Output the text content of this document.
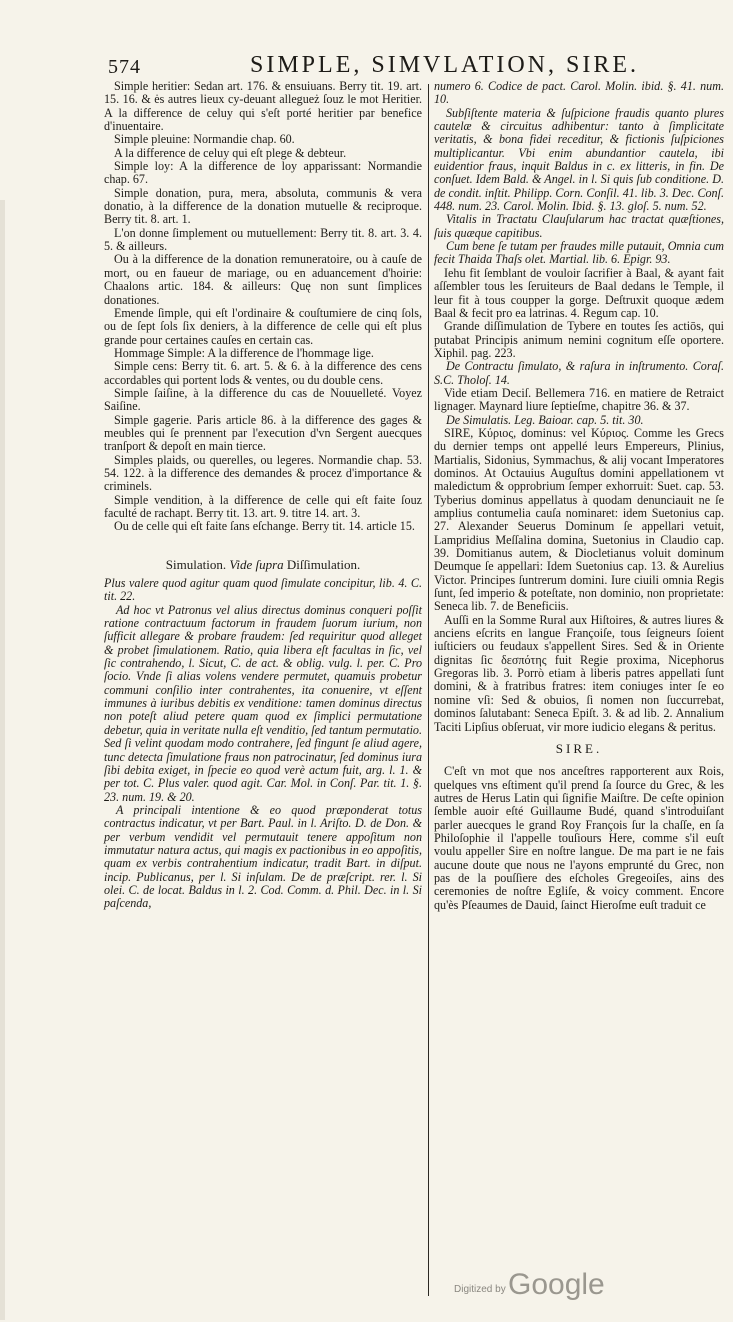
574	SIMPLE, SIMVLATION, SIRE.

Simple heritier: Sedan art. 176. & ensuiuans. Berry tit. 19. art. 15. 16. & ės autres lieux cy-deuant allegueż ſouz le mot Heritier. A la difference de celuy qui s'eſt porté heritier par benefice d'inuentaire.

Simple pleuine: Normandie chap. 60.

A la difference de celuy qui eſt plege & debteur.

Simple loy: A la difference de loy apparissant: Normandie chap. 67.

Simple donation, pura, mera, absoluta, communis & vera donatio, à la difference de la donation mutuelle & reciproque. Berry tit. 8. art. 1.

L'on donne ſimplement ou mutuellement: Berry tit. 8. art. 3. 4. 5. & ailleurs.

Ou à la difference de la donation remuneratoire, ou à cauſe de mort, ou en faueur de mariage, ou en aduancement d'hoirie: Chaalons artic. 184. & ailleurs: Quę non sunt ſimplices donationes.

Emende ſimple, qui eſt l'ordinaire & couſtumiere de cinq ſols, ou de ſept ſols ſix deniers, à la difference de celle qui eſt plus grande pour certaines cauſes en certain cas.

Hommage Simple: A la difference de l'hommage lige.

Simple cens: Berry tit. 6. art. 5. & 6. à la difference des cens accordables qui portent lods & ventes, ou du double cens.

Simple ſaiſine, à la difference du cas de Nouuelleté. Voyez Saiſine.

Simple gagerie. Paris article 86. à la difference des gages & meubles qui ſe prennent par l'execution d'vn Sergent auecques tranſport & depoſt en main tierce.

Simples plaids, ou querelles, ou legeres. Normandie chap. 53. 54. 122. à la difference des demandes & procez d'importance & criminels.

Simple vendition, à la difference de celle qui eſt faite ſouz faculté de rachapt. Berry tit. 13. art. 9. titre 14. art. 3.

Ou de celle qui eſt faite ſans eſchange. Berry tit. 14. article 15.

Simulation. Vide ſupra Diſſimulation.

Plus valere quod agitur quam quod ſimulate concipitur, lib. 4. C. tit. 22.

Ad hoc vt Patronus vel alius directus dominus conqueri poſſit ratione contractuum factorum in fraudem ſuorum iurium, non ſufficit allegare & probare fraudem: ſed requiritur quod alleget & probet ſimulationem. Ratio, quia libera eſt facultas in ſic, vel ſic contrahendo, l. Sicut, C. de act. & oblig. vulg. l. per. C. Pro ſocio. Vnde ſi alias volens vendere permutet, quamuis probetur communi conſilio inter contrahentes, ita conuenire, vt eſſent immunes à iuribus debitis ex venditione: tamen dominus directus non poteſt aliud petere quam quod ex ſimplici permutatione debetur, quia in veritate nulla eſt venditio, ſed tantum permutatio. Sed ſi velint quodam modo contrahere, ſed fingunt ſe aliud agere, tunc detecta ſimulatione fraus non patrocinatur, ſed dominus iura ſibi debita exiget, in ſpecie eo quod verè actum fuit, arg. l. 1. & per tot. C. Plus valer. quod agit. Car. Mol. in Conſ. Par. tit. 1. §. 23. num. 19. & 20.

A principali intentione & eo quod præponderat totus contractus indicatur, vt per Bart. Paul. in l. Ariſto. D. de Don. & per verbum vendidit vel permutauit tenere appoſitum non immutatur natura actus, qui magis ex pactionibus in eo appoſitis, quam ex verbis contrahentium indicatur, tradit Bart. in diſput. incip. Publicanus, per l. Si inſulam. De de præſcript. rer. l. Si olei. C. de locat. Baldus in l. 2. Cod. Comm. d. Phil. Dec. in l. Si paſcenda,

numero 6. Codice de pact. Carol. Molin. ibid. §. 41. num. 10.

Subſiſtente materia & ſuſpicione fraudis quanto plures cautelæ & circuitus adhibentur: tanto à ſimplicitate veritatis, & bona fidei receditur, & fictionis ſuſpiciones multiplicantur. Vbi enim abundantior cautela, ibi euidentior fraus, inquit Baldus in c. ex litteris, in fin. De conſuet. Idem Bald. & Angel. in l. Si quis ſub conditione. D. de condit. inſtit. Philipp. Corn. Conſil. 41. lib. 3. Dec. Conſ. 448. num. 23. Carol. Molin. Ibid. §. 13. gloſ. 5. num. 52.

Vitalis in Tractatu Clauſularum hac tractat quæſtiones, ſuis quæque capitibus.

Cum bene ſe tutam per fraudes mille putauit, Omnia cum fecit Thaida Thaſs olet. Martial. lib. 6. Epigr. 93.

Iehu fit ſemblant de vouloir ſacrifier à Baal, & ayant fait aſſembler tous les ſeruiteurs de Baal dedans le Temple, il leur fit à tous coupper la gorge. Deſtruxit quoque ædem Baal & fecit pro ea latrinas. 4. Regum cap. 10.

Grande diſſimulation de Tybere en toutes ſes actiōs, qui putabat Principis animum nemini cognitum eſſe oportere. Xiphil. pag. 223.

De Contractu ſimulato, & raſura in inſtrumento. Coraſ. S.C. Tholoſ. 14.

Vide etiam Deciſ. Bellemera 716. en matiere de Retraict lignager. Maynard liure ſeptieſme, chapitre 36. & 37.

De Simulatis. Leg. Baioar. cap. 5. tit. 30.

SIRE, Κύριος, dominus: vel Κύριος. Comme les Grecs du dernier temps ont appellé leurs Empereurs, Plinius, Martialis, Sidonius, Symmachus, & alij vocant Imperatores dominos. At Octauius Auguſtus domini appellationem vt maledictum & opprobrium ſemper exhorruit: Suet. cap. 53. Tyberius dominus appellatus à quodam denunciauit ne ſe amplius contumelia cauſa nominaret: idem Suetonius cap. 27. Alexander Seuerus Dominum ſe appellari vetuit, Lampridius Meſſalina domina, Suetonius in Claudio cap. 39. Domitianus autem, & Diocletianus voluit dominum Deumque ſe appellari: Idem Suetonius cap. 13. & Aurelius Victor. Principes ſuntrerum domini. Iure ciuili omnia Regis ſunt, ſed imperio & poteſtate, non dominio, non proprietate: Seneca lib. 7. de Beneficiis.

Auſſi en la Somme Rural aux Hiſtoires, & autres liures & anciens eſcrits en langue Françoiſe, tous ſeigneurs ſoient iuſticiers ou feudaux s'appellent Sires. Sed & in Oriente dignitas ſic δεσπότης fuit Regie proxima, Nicephorus Gregoras lib. 3. Porrò etiam à liberis patres appellati ſunt domini, & à fratribus fratres: item coniuges inter ſe eo nomine vſi: Sed & obuios, ſi nomen non ſuccurrebat, dominos ſalutabant: Seneca Epiſt. 3. & ad lib. 2. Annalium Taciti Lipſius obſeruat, vir more iudicio elegans & peritus.

SIRE.

C'eſt vn mot que nos anceſtres rapporterent aux Rois, quelques vns eſtiment qu'il prend ſa ſource du Grec, & les autres de Herus Latin qui ſignifie Maiſtre. De ceſte opinion ſemble auoir eſté Guillaume Budé, quand s'introduiſant parler auecques le grand Roy François ſur la chaſſe, en ſa Philoſophie il l'appelle touſiours Here, comme s'il euſt voulu appeller Sire en noſtre langue. De ma part ie ne fais aucune doute que nous ne l'ayons emprunté du Grec, non pas de la pouſſiere des eſcholes Gregeoiſes, ains des ceremonies de noſtre Egliſe, & voicy comment. Encore qu'ès Pſeaumes de Dauid, ſainct Hieroſme euſt traduit ce

Digitized by Google
